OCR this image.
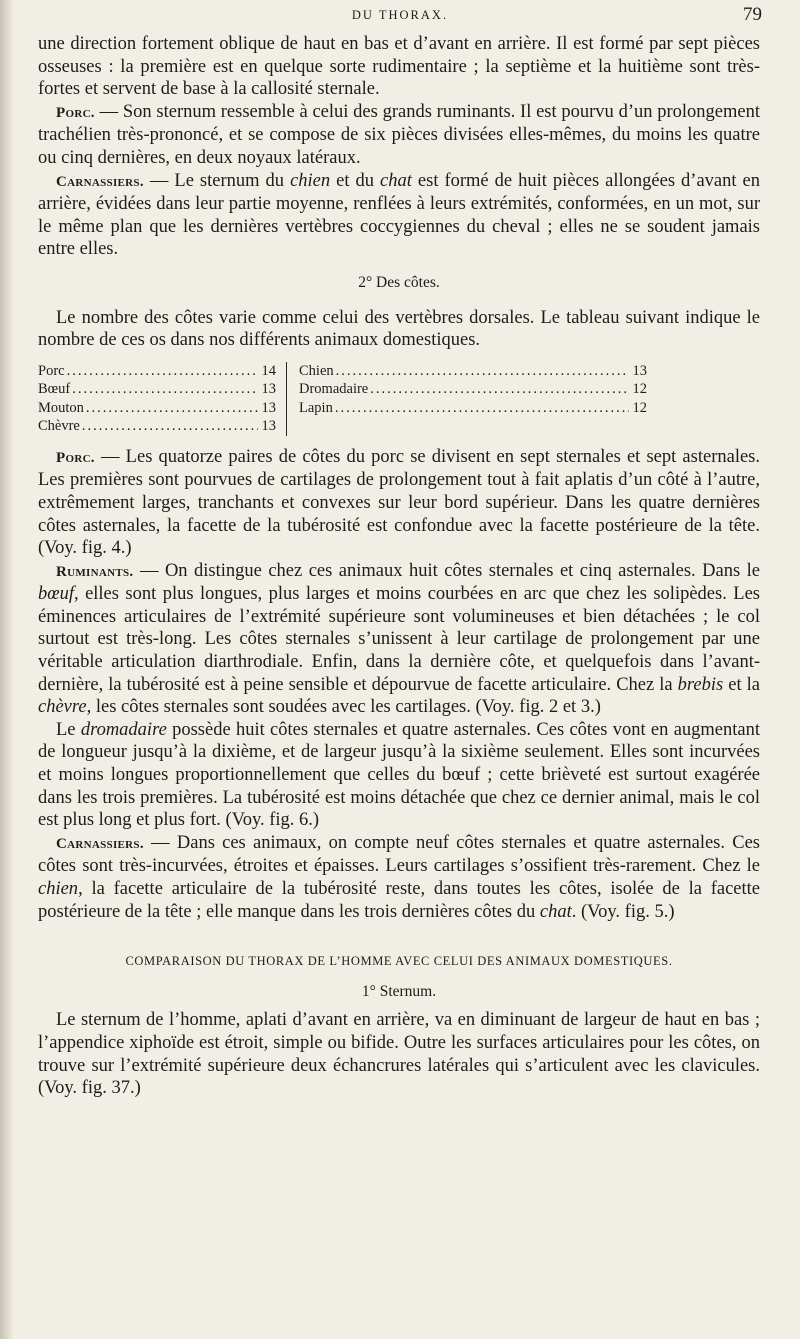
DU THORAX.	79

une direction fortement oblique de haut en bas et d’avant en arrière. Il est formé par sept pièces osseuses : la première est en quelque sorte rudimentaire ; la septième et la huitième sont très-fortes et servent de base à la callosité sternale.

Porc. — Son sternum ressemble à celui des grands ruminants. Il est pourvu d’un prolongement trachélien très-prononcé, et se compose de six pièces divisées elles-mêmes, du moins les quatre ou cinq dernières, en deux noyaux latéraux.

Carnassiers. — Le sternum du chien et du chat est formé de huit pièces allongées d’avant en arrière, évidées dans leur partie moyenne, renflées à leurs extrémités, conformées, en un mot, sur le même plan que les dernières vertèbres coccygiennes du cheval ; elles ne se soudent jamais entre elles.

2° Des côtes.

Le nombre des côtes varie comme celui des vertèbres dorsales. Le tableau suivant indique le nombre de ces os dans nos différents animaux domestiques.

Porc .....	14
Bœuf .....	13
Mouton .....	13
Chèvre .....	13
Chien .....	13
Dromadaire .....	12
Lapin .....	12

Porc. — Les quatorze paires de côtes du porc se divisent en sept sternales et sept asternales. Les premières sont pourvues de cartilages de prolongement tout à fait aplatis d’un côté à l’autre, extrêmement larges, tranchants et convexes sur leur bord supérieur. Dans les quatre dernières côtes asternales, la facette de la tubérosité est confondue avec la facette postérieure de la tête. (Voy. fig. 4.)

Ruminants. — On distingue chez ces animaux huit côtes sternales et cinq asternales. Dans le bœuf, elles sont plus longues, plus larges et moins courbées en arc que chez les solipèdes. Les éminences articulaires de l’extrémité supérieure sont volumineuses et bien détachées ; le col surtout est très-long. Les côtes sternales s’unissent à leur cartilage de prolongement par une véritable articulation diarthrodiale. Enfin, dans la dernière côte, et quelquefois dans l’avant-dernière, la tubérosité est à peine sensible et dépourvue de facette articulaire. Chez la brebis et la chèvre, les côtes sternales sont soudées avec les cartilages. (Voy. fig. 2 et 3.)

Le dromadaire possède huit côtes sternales et quatre asternales. Ces côtes vont en augmentant de longueur jusqu’à la dixième, et de largeur jusqu’à la sixième seulement. Elles sont incurvées et moins longues proportionnellement que celles du bœuf ; cette brièveté est surtout exagérée dans les trois premières. La tubérosité est moins détachée que chez ce dernier animal, mais le col est plus long et plus fort. (Voy. fig. 6.)

Carnassiers. — Dans ces animaux, on compte neuf côtes sternales et quatre asternales. Ces côtes sont très-incurvées, étroites et épaisses. Leurs cartilages s’ossifient très-rarement. Chez le chien, la facette articulaire de la tubérosité reste, dans toutes les côtes, isolée de la facette postérieure de la tête ; elle manque dans les trois dernières côtes du chat. (Voy. fig. 5.)

COMPARAISON DU THORAX DE L’HOMME AVEC CELUI DES ANIMAUX DOMESTIQUES.

1° Sternum.

Le sternum de l’homme, aplati d’avant en arrière, va en diminuant de largeur de haut en bas ; l’appendice xiphoïde est étroit, simple ou bifide. Outre les surfaces articulaires pour les côtes, on trouve sur l’extrémité supérieure deux échancrures latérales qui s’articulent avec les clavicules. (Voy. fig. 37.)
